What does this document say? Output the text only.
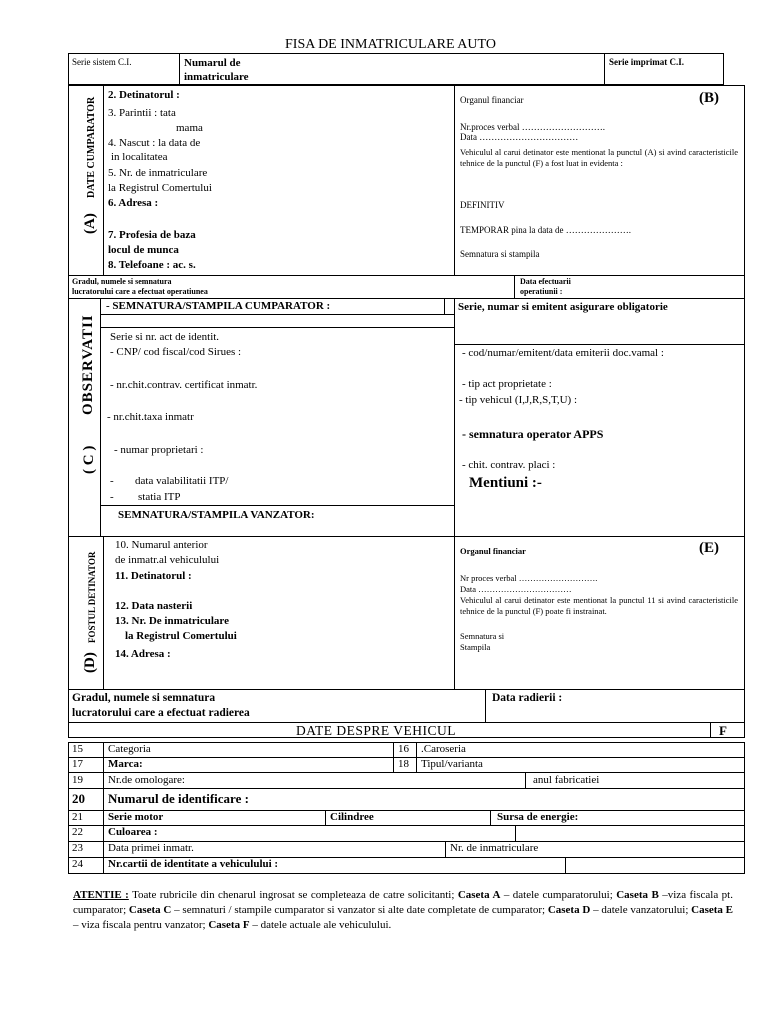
FISA DE INMATRICULARE AUTO
Serie sistem C.I.	Numarul de
inmatriculare
Serie imprimat C.I.
DATE CUMPARATOR
(A)
2. Detinatorul :
3. Parintii : tata
mama
4. Nascut : la data de
in localitatea
5. Nr. de inmatriculare
la Registrul Comertului
6. Adresa :
7. Profesia de baza
locul de munca
8. Telefoane : ac. s.
Organul financiar	(B)
Nr.proces verbal ……………………….
Data ……………………………
Vehiculul al carui detinator este mentionat la punctul (A) si avind caracteristicile tehnice de la punctul (F) a fost luat in evidenta :
DEFINITIV
TEMPORAR pina la data de ………………….
Semnatura si stampila
Gradul, numele si semnatura
lucratorului care a efectuat operatiunea
Data efectuarii
operatiunii :
OBSERVATII
( C )
- SEMNATURA/STAMPILA CUMPARATOR :	Serie, numar si emitent asigurare obligatorie
Serie si nr. act de identit.
- CNP/ cod fiscal/cod Sirues :
- nr.chit.contrav. certificat inmatr.
- nr.chit.taxa inmatr
- numar proprietari :
- data valabilitatii ITP/
- statia ITP
SEMNATURA/STAMPILA VANZATOR:
- cod/numar/emitent/data emiterii doc.vamal :
- tip act proprietate :
- tip vehicul (I,J,R,S,T,U) :
- semnatura operator APPS
- chit. contrav. placi :
Mentiuni :-
FOSTUL DETINATOR
(D)
10. Numarul anterior
de inmatr.al vehiculului
11. Detinatorul :
12. Data nasterii
13. Nr. De inmatriculare
la Registrul Comertului
14. Adresa :
Organul financiar	(E)
Nr proces verbal ……………………….
Data ……………………………
Vehiculul al carui detinator este mentionat la punctul 11 si avind caracteristicile tehnice de la punctul (F) poate fi instrainat.
Semnatura si
Stampila
Gradul, numele si semnatura
lucratorului care a efectuat radierea
Data radierii :
DATE DESPRE VEHICUL	F
15 Categoria	16 .Caroseria
17 Marca:	18 Tipul/varianta
19 Nr.de omologare:	anul fabricatiei
20 Numarul de identificare :
21 Serie motor	Cilindree	Sursa de energie:
22 Culoarea :
23 Data primei inmatr.	Nr. de inmatriculare
24 Nr.cartii de identitate a vehiculului :
ATENTIE : Toate rubricile din chenarul ingrosat se completeaza de catre solicitanti; Caseta A – datele cumparatorului; Caseta B –viza fiscala pt. cumparator; Caseta C – semnaturi / stampile cumparator si vanzator si alte date completate de cumparator; Caseta D – datele vanzatorului; Caseta E – viza fiscala pentru vanzator; Caseta F – datele actuale ale vehiculului.
